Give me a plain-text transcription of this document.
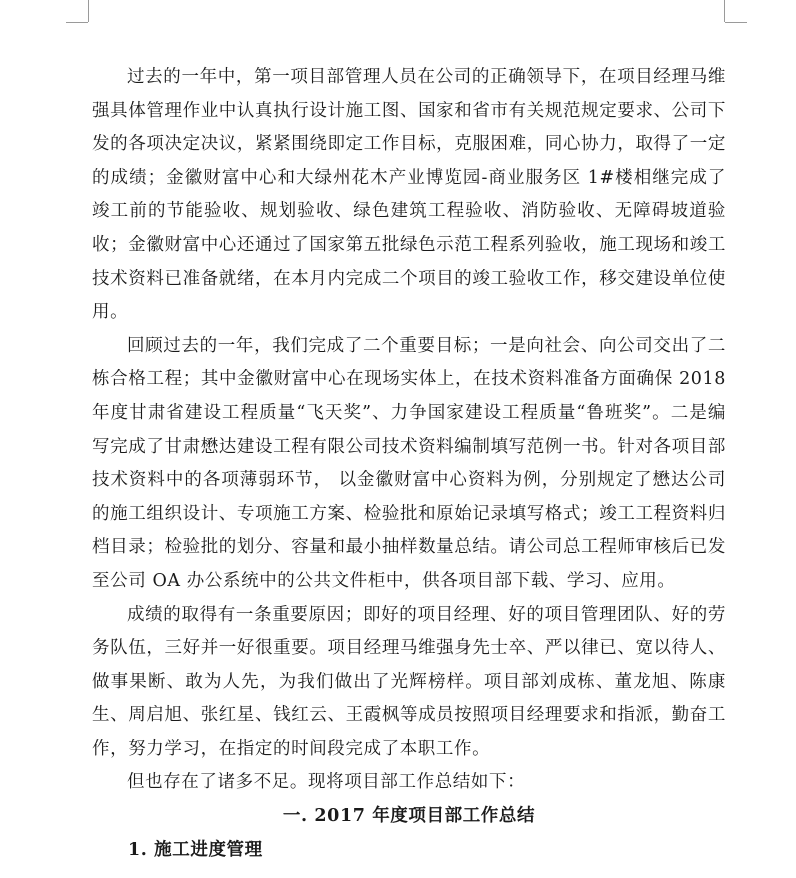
过去的一年中，第一项目部管理人员在公司的正确领导下，在项目经理马维强具体管理作业中认真执行设计施工图、国家和省市有关规范规定要求、公司下发的各项决定决议，紧紧围绕即定工作目标，克服困难，同心协力，取得了一定的成绩；金徽财富中心和大绿州花木产业博览园-商业服务区 1#楼相继完成了竣工前的节能验收、规划验收、绿色建筑工程验收、消防验收、无障碍坡道验收；金徽财富中心还通过了国家第五批绿色示范工程系列验收，施工现场和竣工技术资料已准备就绪，在本月内完成二个项目的竣工验收工作，移交建设单位使用。

回顾过去的一年，我们完成了二个重要目标；一是向社会、向公司交出了二栋合格工程；其中金徽财富中心在现场实体上，在技术资料准备方面确保 2018 年度甘肃省建设工程质量“飞天奖”、力争国家建设工程质量“鲁班奖”。二是编写完成了甘肃懋达建设工程有限公司技术资料编制填写范例一书。针对各项目部技术资料中的各项薄弱环节， 以金徽财富中心资料为例，分别规定了懋达公司的施工组织设计、专项施工方案、检验批和原始记录填写格式；竣工工程资料归档目录；检验批的划分、容量和最小抽样数量总结。请公司总工程师审核后已发至公司 OA 办公系统中的公共文件柜中，供各项目部下载、学习、应用。

成绩的取得有一条重要原因；即好的项目经理、好的项目管理团队、好的劳务队伍，三好并一好很重要。项目经理马维强身先士卒、严以律已、宽以待人、做事果断、敢为人先，为我们做出了光辉榜样。项目部刘成栋、董龙旭、陈康生、周启旭、张红星、钱红云、王霞枫等成员按照项目经理要求和指派，勤奋工作，努力学习，在指定的时间段完成了本职工作。

但也存在了诸多不足。现将项目部工作总结如下：

一. 2017 年度项目部工作总结

1. 施工进度管理
